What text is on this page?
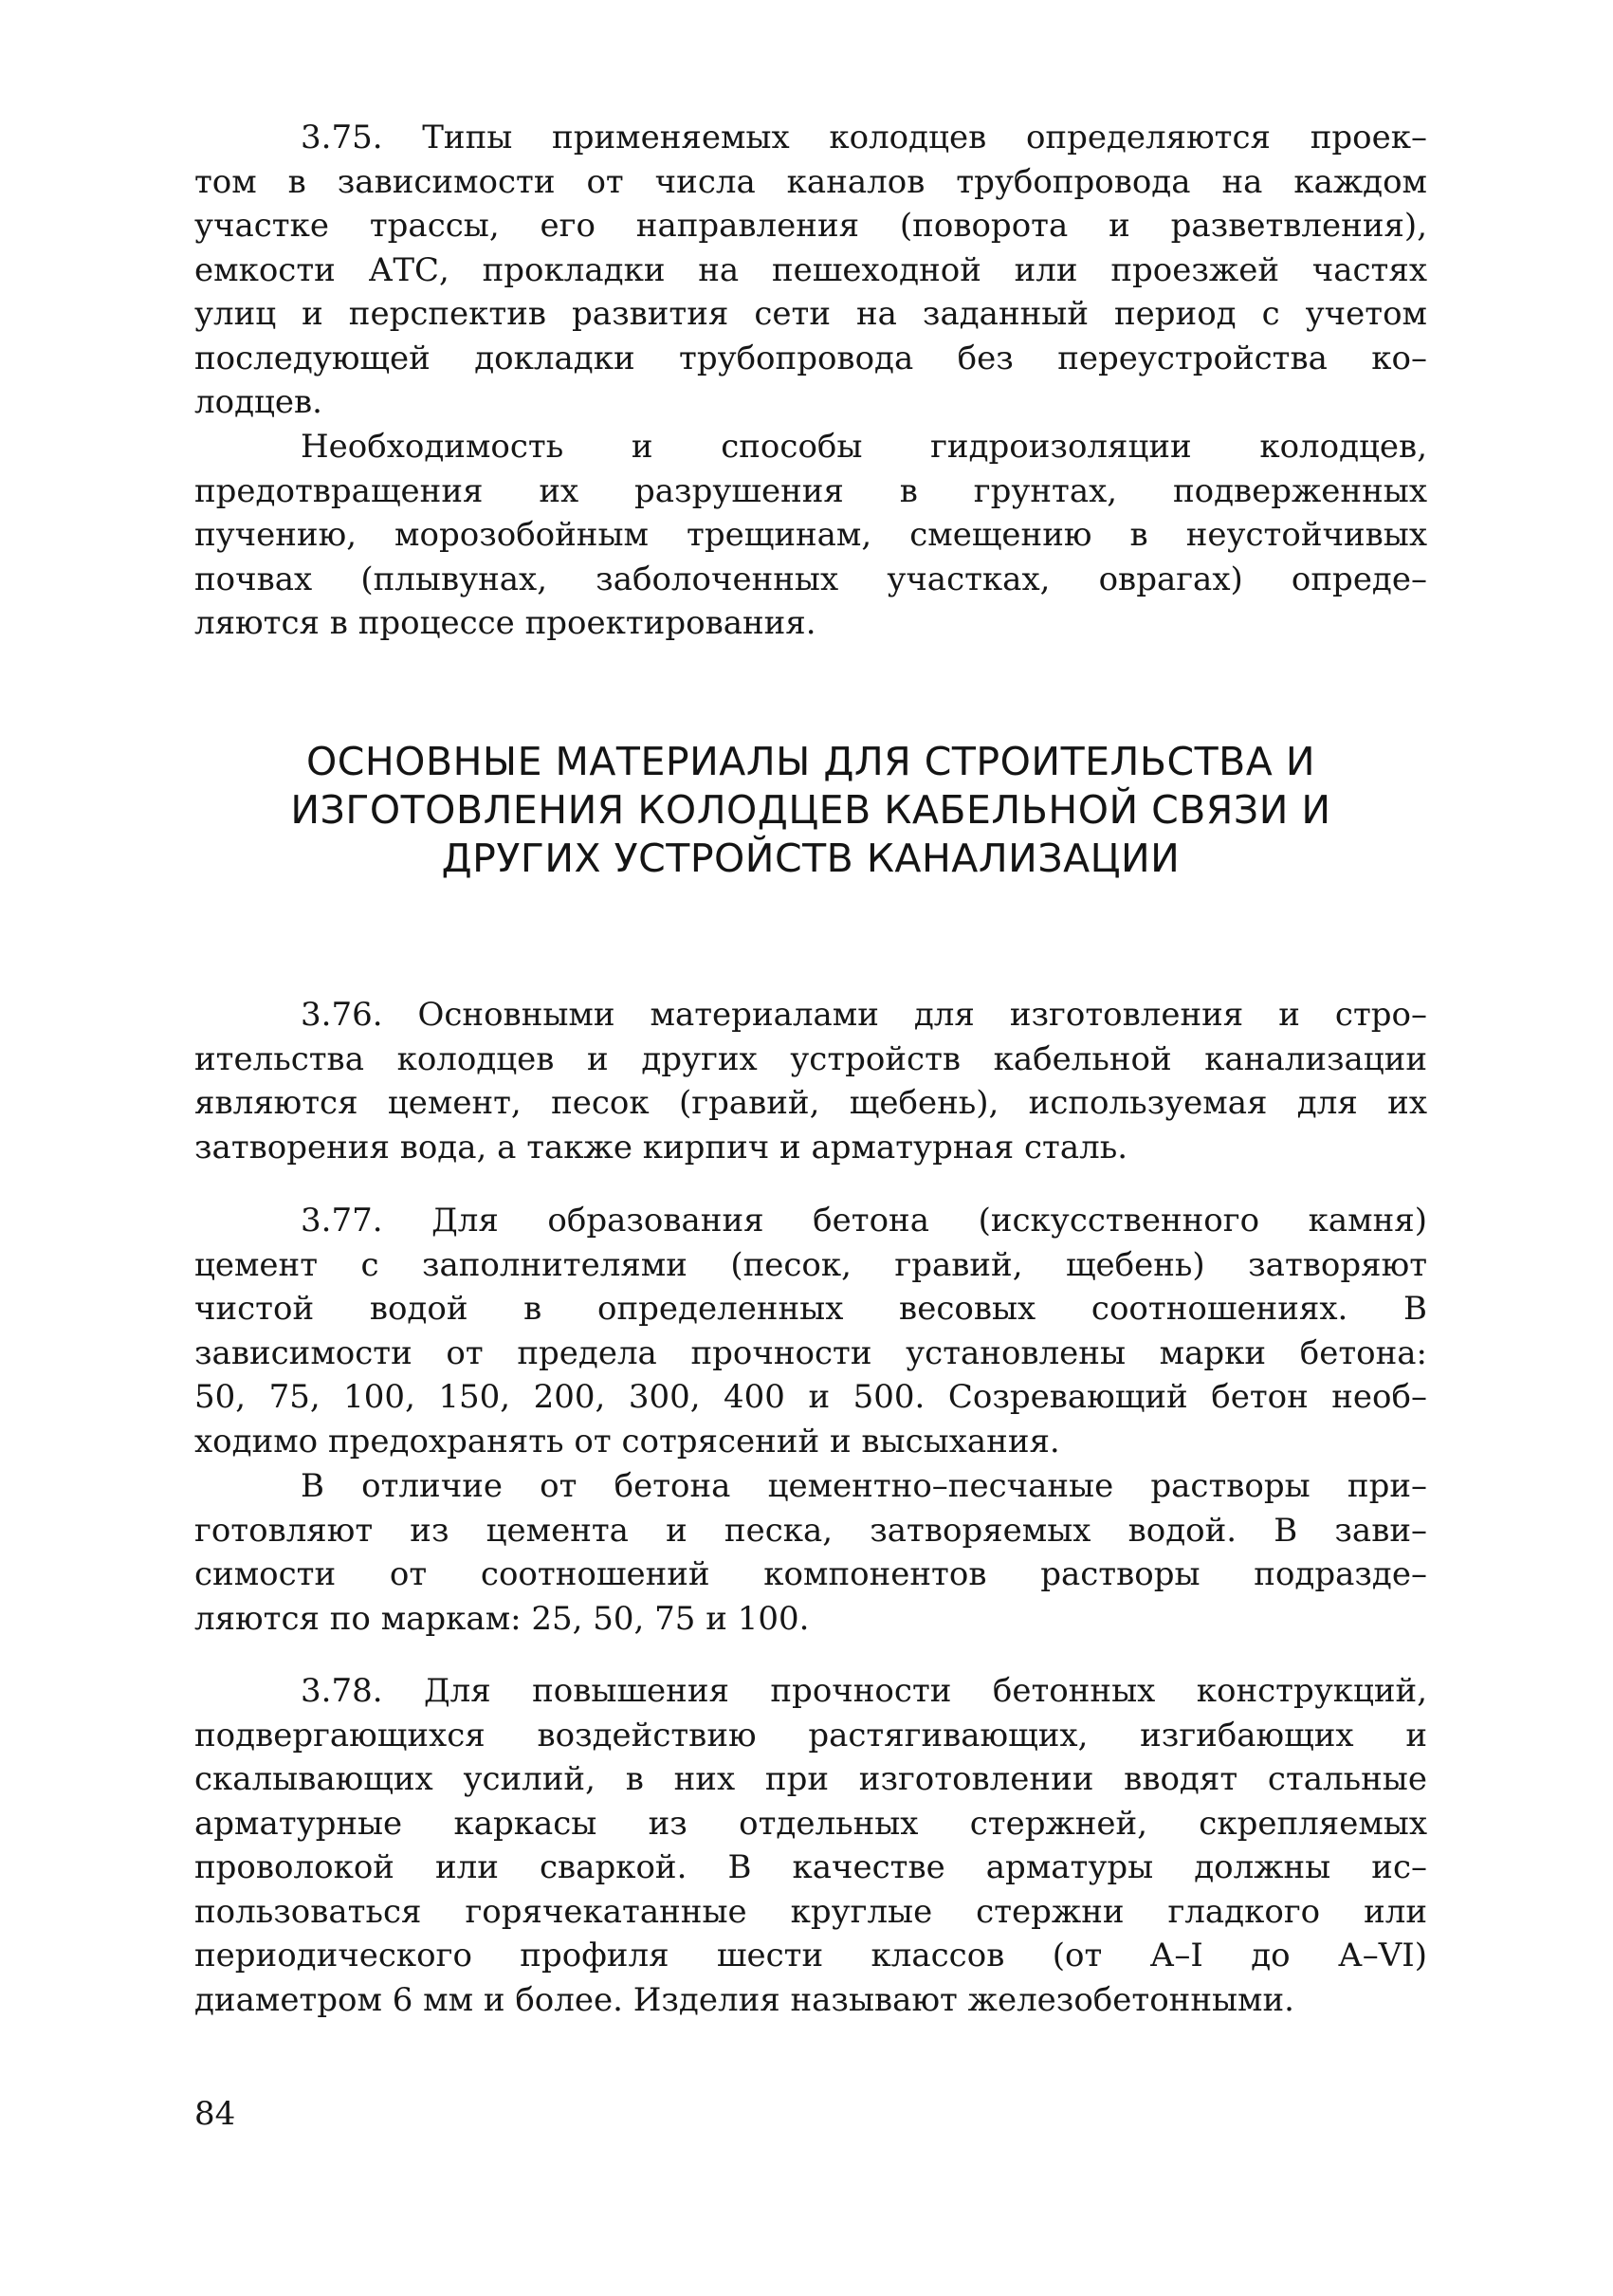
3.75. Типы применяемых колодцев определяются проек–
том в зависимости от числа каналов трубопровода на каждом
участке трассы, его направления (поворота и разветвления),
емкости АТС, прокладки на пешеходной или проезжей частях
улиц и перспектив развития сети на заданный период с учетом
последующей докладки трубопровода без переустройства ко–
лодцев.

Необходимость и способы гидроизоляции колодцев,
предотвращения их разрушения в грунтах, подверженных
пучению, морозобойным трещинам, смещению в неустойчивых
почвах (плывунах, заболоченных участках, оврагах) опреде–
ляются в процессе проектирования.

ОСНОВНЫЕ МАТЕРИАЛЫ ДЛЯ СТРОИТЕЛЬСТВА И
ИЗГОТОВЛЕНИЯ КОЛОДЦЕВ КАБЕЛЬНОЙ СВЯЗИ И
ДРУГИХ УСТРОЙСТВ КАНАЛИЗАЦИИ

3.76. Основными материалами для изготовления и стро–
ительства колодцев и других устройств кабельной канализации
являются цемент, песок (гравий, щебень), используемая для их
затворения вода, а также кирпич и арматурная сталь.

3.77. Для образования бетона (искусственного камня)
цемент с заполнителями (песок, гравий, щебень) затворяют
чистой водой в определенных весовых соотношениях. В
зависимости от предела прочности установлены марки бетона:
50, 75, 100, 150, 200, 300, 400 и 500. Созревающий бетон необ–
ходимо предохранять от сотрясений и высыхания.

В отличие от бетона цементно–песчаные растворы при–
готовляют из цемента и песка, затворяемых водой. В зави–
симости от соотношений компонентов растворы подразде–
ляются по маркам: 25, 50, 75 и 100.

3.78. Для повышения прочности бетонных конструкций,
подвергающихся воздействию растягивающих, изгибающих и
скалывающих усилий, в них при изготовлении вводят стальные
арматурные каркасы из отдельных стержней, скрепляемых
проволокой или сваркой. В качестве арматуры должны ис–
пользоваться горячекатанные круглые стержни гладкого или
периодического профиля шести классов (от А–I до А–VI)
диаметром 6 мм и более. Изделия называют железобетонными.

84
